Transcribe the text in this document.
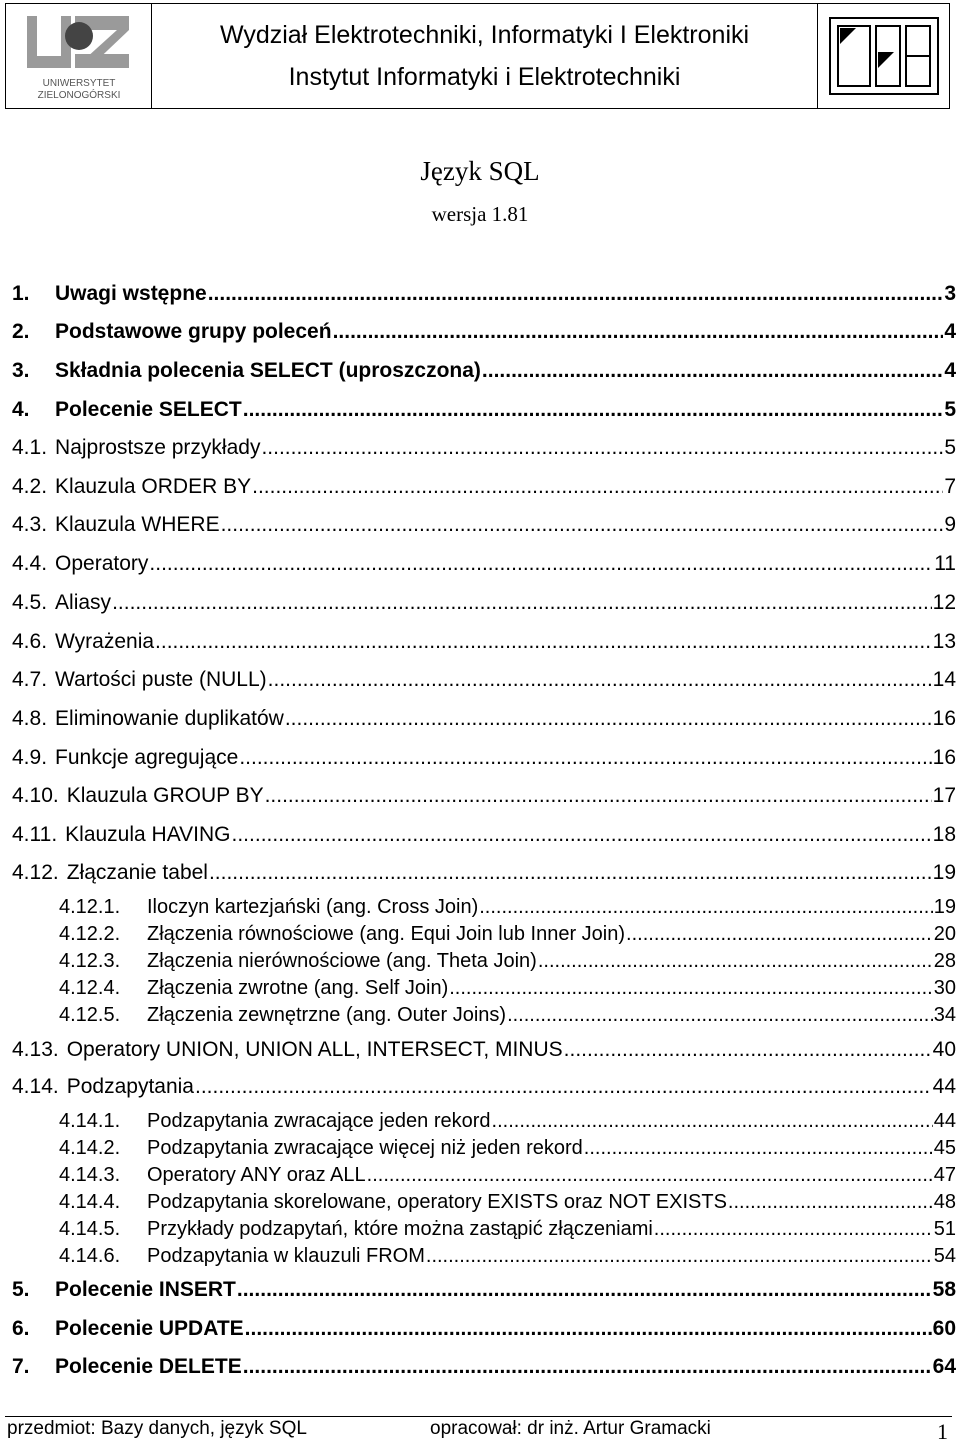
UNIWERSYTET
ZIELONOGÓRSKI
Wydział Elektrotechniki, Informatyki I Elektroniki
Instytut Informatyki i Elektrotechniki
Język SQL
wersja 1.81
1.	Uwagi wstępne .....	3
2.	Podstawowe grupy poleceń .....	4
3.	Składnia polecenia SELECT (uproszczona) .....	4
4.	Polecenie SELECT .....	5
4.1. Najprostsze przykłady .....	5
4.2. Klauzula ORDER BY .....	7
4.3. Klauzula WHERE .....	9
4.4. Operatory .....	11
4.5. Aliasy .....	12
4.6. Wyrażenia .....	13
4.7. Wartości puste (NULL) .....	14
4.8. Eliminowanie duplikatów .....	16
4.9. Funkcje agregujące .....	16
4.10. Klauzula GROUP BY .....	17
4.11. Klauzula HAVING .....	18
4.12. Złączanie tabel .....	19
4.12.1.	Iloczyn kartezjański (ang. Cross Join) .....	19
4.12.2.	Złączenia równościowe (ang. Equi Join lub Inner Join) .....	20
4.12.3.	Złączenia nierównościowe (ang. Theta Join) .....	28
4.12.4.	Złączenia zwrotne (ang. Self Join) .....	30
4.12.5.	Złączenia zewnętrzne (ang. Outer Joins) .....	34
4.13. Operatory UNION, UNION ALL, INTERSECT, MINUS .....	40
4.14. Podzapytania .....	44
4.14.1.	Podzapytania zwracające jeden rekord .....	44
4.14.2.	Podzapytania zwracające więcej niż jeden rekord .....	45
4.14.3.	Operatory ANY oraz ALL .....	47
4.14.4.	Podzapytania skorelowane, operatory EXISTS oraz NOT EXISTS .....	48
4.14.5.	Przykłady podzapytań, które można zastąpić złączeniami .....	51
4.14.6.	Podzapytania w klauzuli FROM .....	54
5.	Polecenie INSERT .....	58
6.	Polecenie UPDATE .....	60
7.	Polecenie DELETE .....	64
przedmiot: Bazy danych, język SQL	opracował: dr inż. Artur Gramacki	1
